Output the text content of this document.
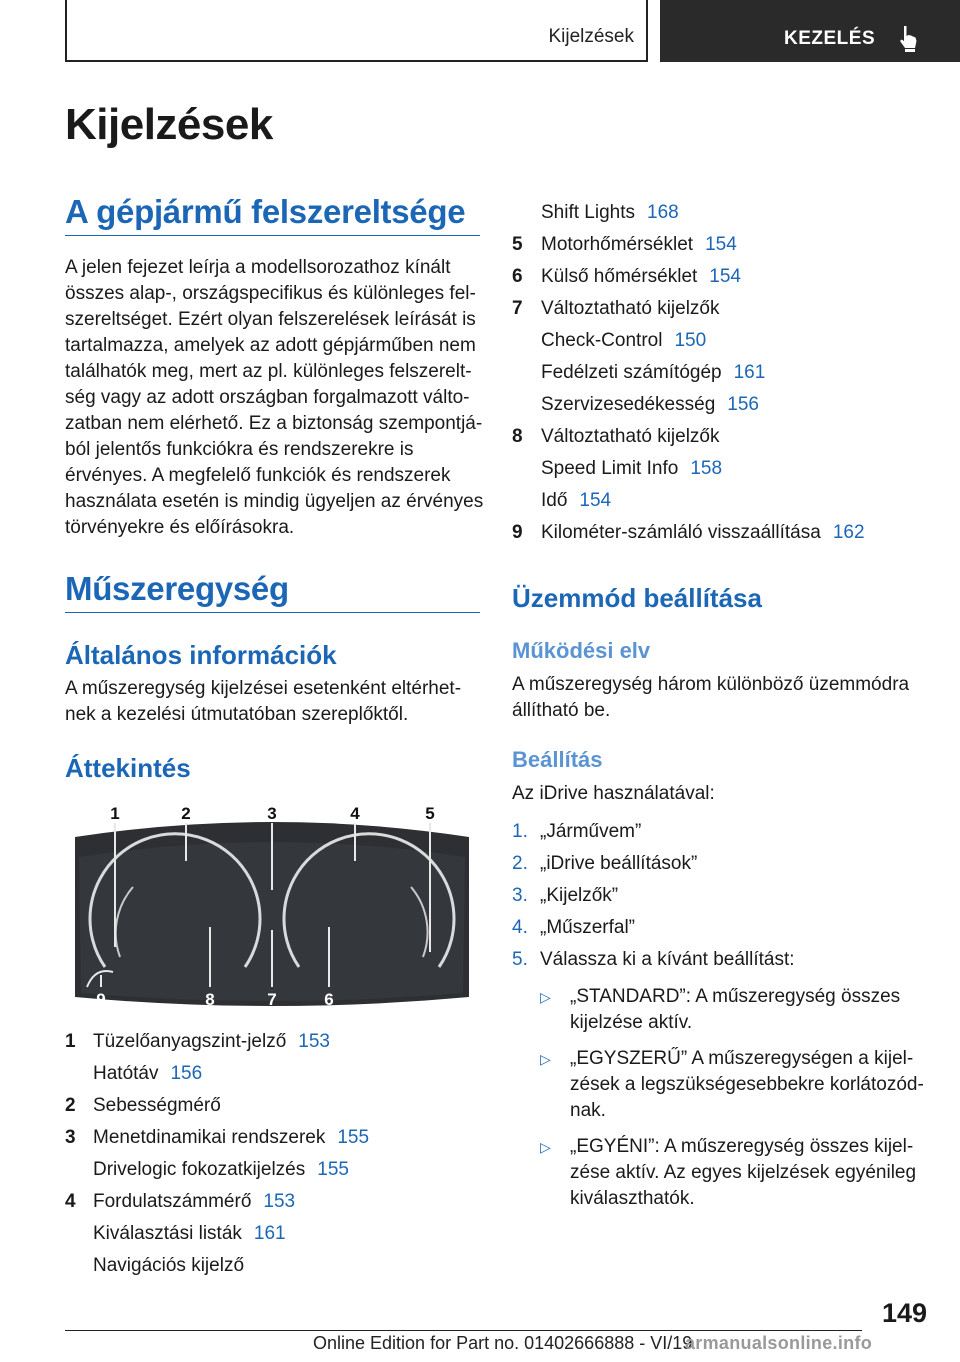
Kijelzések	KEZELÉS
Kijelzések
A gépjármű felszereltsége
A jelen fejezet leírja a modellsorozathoz kínált
összes alap-, országspecifikus és különleges fel‐
szereltséget. Ezért olyan felszerelések leírását is
tartalmazza, amelyek az adott gépjárműben nem
találhatók meg, mert az pl. különleges felszerelt‐
ség vagy az adott országban forgalmazott válto‐
zatban nem elérhető. Ez a biztonság szempontjá‐
ból jelentős funkciókra és rendszerekre is
érvényes. A megfelelő funkciók és rendszerek
használata esetén is mindig ügyeljen az érvényes
törvényekre és előírásokra.
Műszeregység
Általános információk
A műszeregység kijelzései esetenként eltérhet‐
nek a kezelési útmutatóban szereplőktől.
Áttekintés
1	2	3	4	5
9	8	7	6
1 Tüzelőanyagszint-jelző 153
Hatótáv 156
2 Sebességmérő
3 Menetdinamikai rendszerek 155
Drivelogic fokozatkijelzés 155
4 Fordulatszámmérő 153
Kiválasztási listák 161
Navigációs kijelző
Shift Lights 168
5 Motorhőmérséklet 154
6 Külső hőmérséklet 154
7 Változtatható kijelzők
Check-Control 150
Fedélzeti számítógép 161
Szervizesedékesség 156
8 Változtatható kijelzők
Speed Limit Info 158
Idő 154
9 Kilométer-számláló visszaállítása 162
Üzemmód beállítása
Működési elv
A műszeregység három különböző üzemmódra
állítható be.
Beállítás
Az iDrive használatával:
1. „Járművem”
2. „iDrive beállítások”
3. „Kijelzők”
4. „Műszerfal”
5. Válassza ki a kívánt beállítást:
▷ „STANDARD”: A műszeregység összes
kijelzése aktív.
▷ „EGYSZERŰ” A műszeregységen a kijel‐
zések a legszükségesebbekre korlátozód‐
nak.
▷ „EGYÉNI”: A műszeregység összes kijel‐
zése aktív. Az egyes kijelzések egyénileg
kiválaszthatók.
149
Online Edition for Part no. 01402666888 - VI/19
armanualsonline.info
